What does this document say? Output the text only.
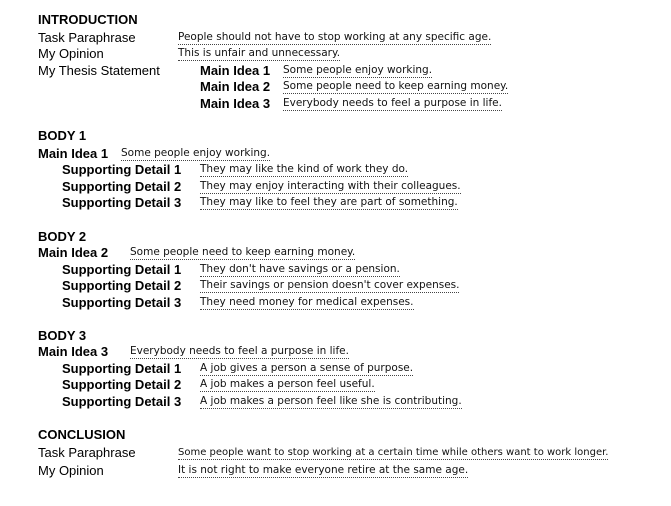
INTRODUCTION
Task Paraphrase	People should not have to stop working at any specific age.
My Opinion	This is unfair and unnecessary.
My Thesis Statement	Main Idea 1 Some people enjoy working.
Main Idea 2 Some people need to keep earning money.
Main Idea 3 Everybody needs to feel a purpose in life.
BODY 1
Main Idea 1 Some people enjoy working.
Supporting Detail 1 They may like the kind of work they do.
Supporting Detail 2 They may enjoy interacting with their colleagues.
Supporting Detail 3 They may like to feel they are part of something.
BODY 2
Main Idea 2 Some people need to keep earning money.
Supporting Detail 1 They don't have savings or a pension.
Supporting Detail 2 Their savings or pension doesn't cover expenses.
Supporting Detail 3 They need money for medical expenses.
BODY 3
Main Idea 3 Everybody needs to feel a purpose in life.
Supporting Detail 1 A job gives a person a sense of purpose.
Supporting Detail 2 A job makes a person feel useful.
Supporting Detail 3 A job makes a person feel like she is contributing.
CONCLUSION
Task Paraphrase	Some people want to stop working at a certain time while others want to work longer.
My Opinion	It is not right to make everyone retire at the same age.
